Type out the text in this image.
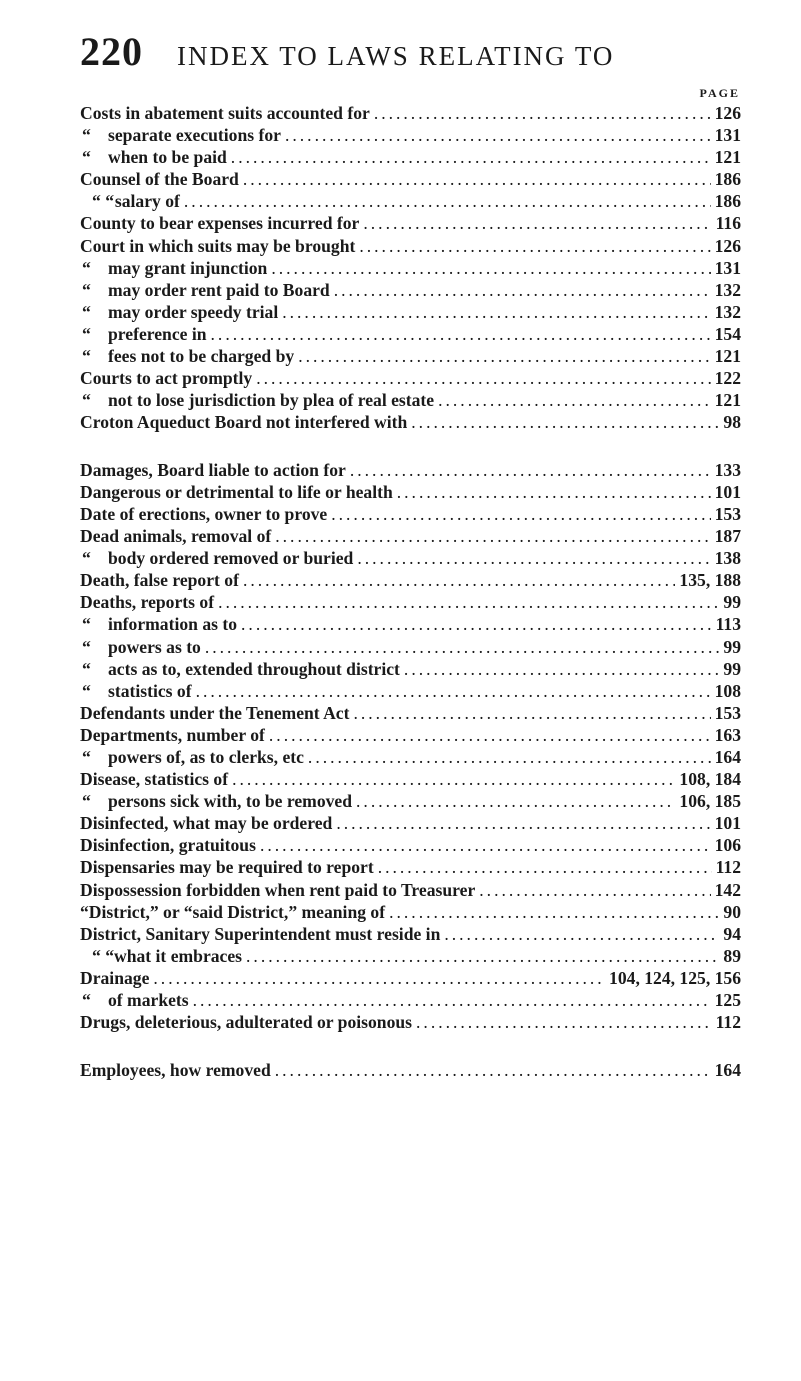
220 INDEX TO LAWS RELATING TO
PAGE
Costs in abatement suits accounted for .....	126
“ separate executions for .....	131
“ when to be paid .....	121
Counsel of the Board .....	186
“ “ salary of .....	186
County to bear expenses incurred for .....	116
Court in which suits may be brought .....	126
“ may grant injunction .....	131
“ may order rent paid to Board .....	132
“ may order speedy trial .....	132
“ preference in .....	154
“ fees not to be charged by .....	121
Courts to act promptly .....	122
“ not to lose jurisdiction by plea of real estate .....	121
Croton Aqueduct Board not interfered with .....	98
Damages, Board liable to action for .....	133
Dangerous or detrimental to life or health .....	101
Date of erections, owner to prove .....	153
Dead animals, removal of .....	187
“ body ordered removed or buried .....	138
Death, false report of .....	135, 188
Deaths, reports of .....	99
“ information as to .....	113
“ powers as to .....	99
“ acts as to, extended throughout district .....	99
“ statistics of .....	108
Defendants under the Tenement Act .....	153
Departments, number of .....	163
“ powers of, as to clerks, etc .....	164
Disease, statistics of .....	108, 184
“ persons sick with, to be removed .....	106, 185
Disinfected, what may be ordered .....	101
Disinfection, gratuitous .....	106
Dispensaries may be required to report .....	112
Dispossession forbidden when rent paid to Treasurer .....	142
“District,” or “said District,” meaning of .....	90
District, Sanitary Superintendent must reside in .....	94
“ “ what it embraces .....	89
Drainage .....	104, 124, 125, 156
“ of markets .....	125
Drugs, deleterious, adulterated or poisonous .....	112
Employees, how removed .....	164
